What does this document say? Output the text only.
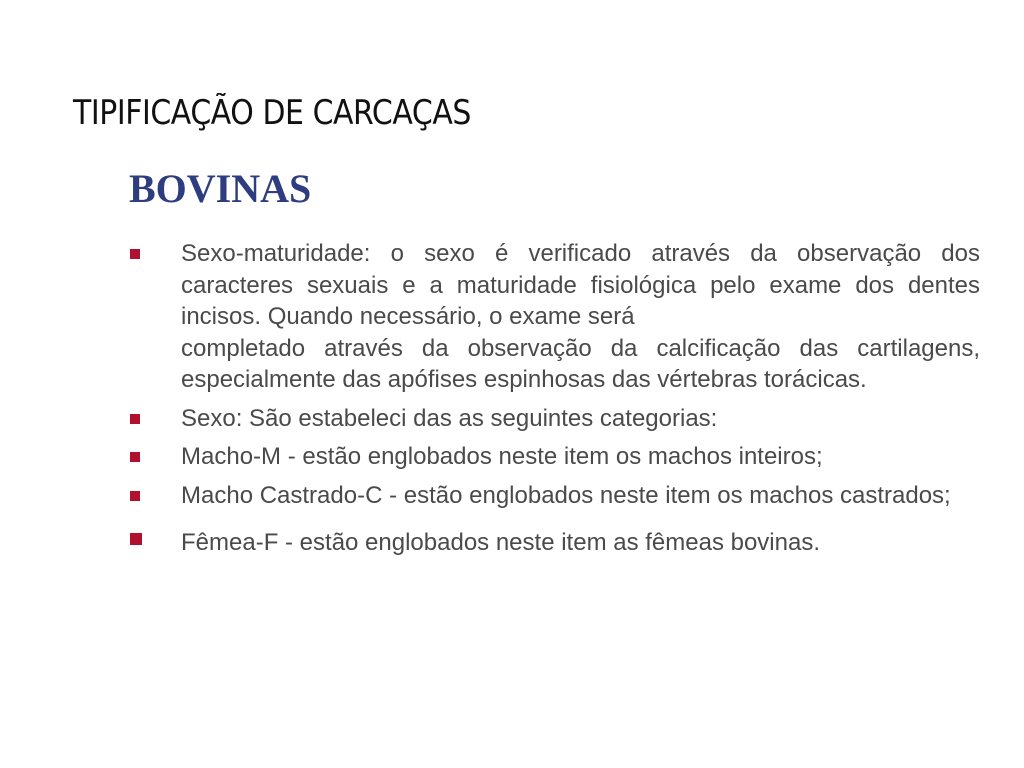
TIPIFICAÇÃO DE CARCAÇAS
BOVINAS
Sexo-maturidade: o sexo é verificado através da observação dos caracteres sexuais e a maturidade fisiológica pelo exame dos dentes incisos. Quando necessário, o exame será
completado através da observação da calcificação das cartilagens, especialmente das apófises espinhosas das vértebras torácicas.
Sexo: São estabeleci das as seguintes categorias:
Macho-M - estão englobados neste item os machos inteiros;
Macho Castrado-C - estão englobados neste item os machos castrados;
Fêmea-F - estão englobados neste item as fêmeas bovinas.
